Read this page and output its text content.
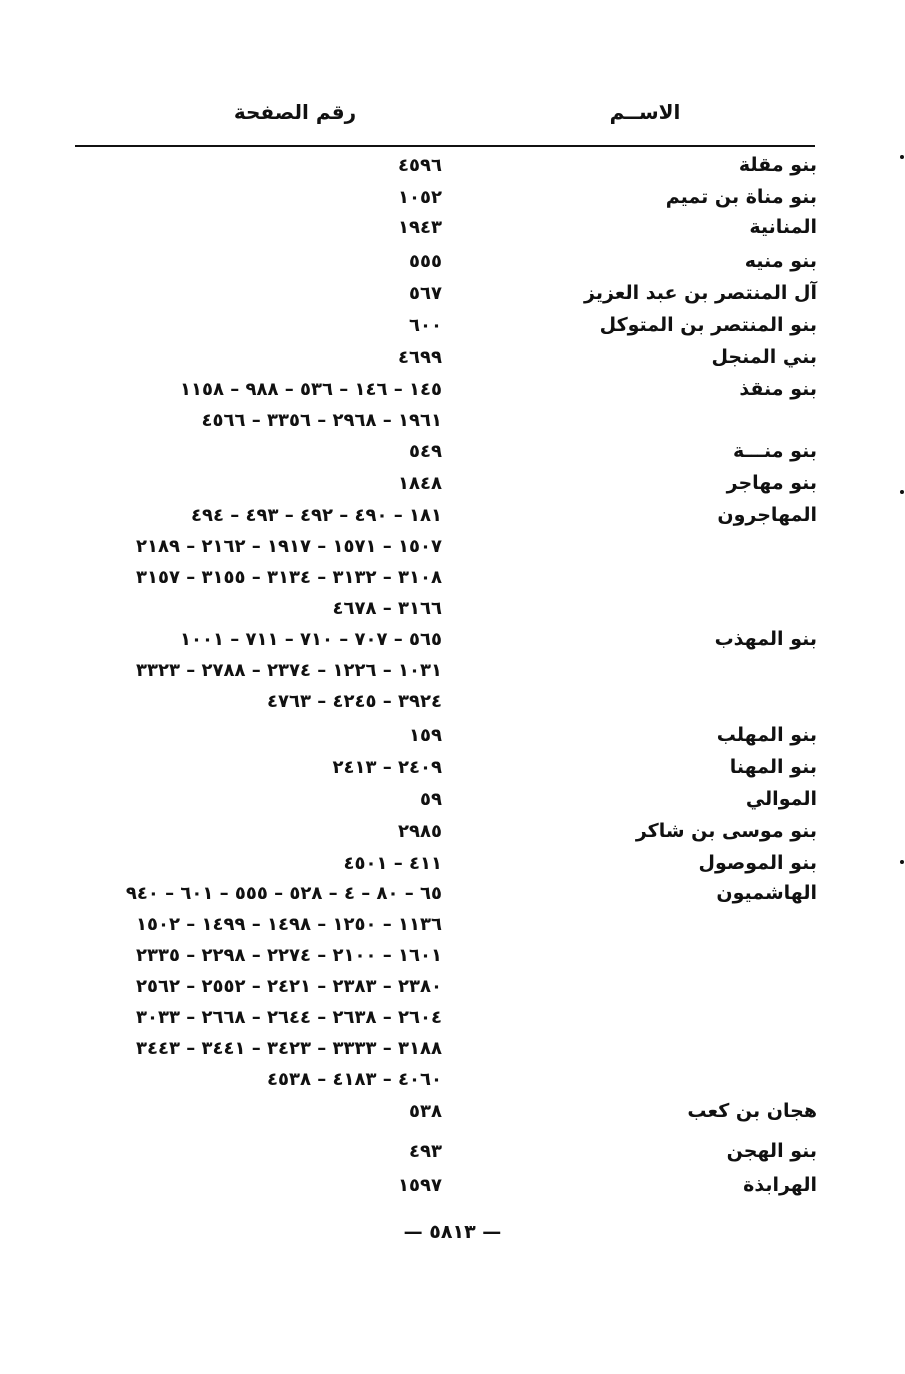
الاســم
رقم الصفحة
بنو مقلة
٤٥٩٦
بنو مناة بن تميم
١٠٥٢
المنانية
١٩٤٣
بنو منيه
٥٥٥
آل المنتصر بن عبد العزيز
٥٦٧
بنو المنتصر بن المتوكل
٦٠٠
بني المنجل
٤٦٩٩
بنو منقذ
١٤٥ – ١٤٦ – ٥٣٦ – ٩٨٨ – ١١٥٨
١٩٦١ – ٢٩٦٨ – ٣٣٥٦ – ٤٥٦٦
بنو منـــة
٥٤٩
بنو مهاجر
١٨٤٨
المهاجرون
١٨١ – ٤٩٠ – ٤٩٢ – ٤٩٣ – ٤٩٤
١٥٠٧ – ١٥٧١ – ١٩١٧ – ٢١٦٢ – ٢١٨٩
٣١٠٨ – ٣١٣٢ – ٣١٣٤ – ٣١٥٥ – ٣١٥٧
٣١٦٦ – ٤٦٧٨
بنو المهذب
٥٦٥ – ٧٠٧ – ٧١٠ – ٧١١ – ١٠٠١
١٠٣١ – ١٢٢٦ – ٢٣٧٤ – ٢٧٨٨ – ٣٣٢٣
٣٩٢٤ – ٤٢٤٥ – ٤٧٦٣
بنو المهلب
١٥٩
بنو المهنا
٢٤٠٩ – ٢٤١٣
الموالي
٥٩
بنو موسى بن شاكر
٢٩٨٥
بنو الموصول
٤١١ – ٤٥٠١
الهاشميون
٦٥ – ٨٠ – ٤ – ٥٢٨ – ٥٥٥ – ٦٠١ – ٩٤٠
١١٣٦ – ١٢٥٠ – ١٤٩٨ – ١٤٩٩ – ١٥٠٢
١٦٠١ – ٢١٠٠ – ٢٢٧٤ – ٢٢٩٨ – ٢٣٣٥
٢٣٨٠ – ٢٣٨٣ – ٢٤٢١ – ٢٥٥٢ – ٢٥٦٢
٢٦٠٤ – ٢٦٣٨ – ٢٦٤٤ – ٢٦٦٨ – ٣٠٣٣
٣١٨٨ – ٣٣٣٣ – ٣٤٢٣ – ٣٤٤١ – ٣٤٤٣
٤٠٦٠ – ٤١٨٣ – ٤٥٣٨
هجان بن كعب
٥٣٨
بنو الهجن
٤٩٣
الهرابذة
١٥٩٧
— ٥٨١٣ —
